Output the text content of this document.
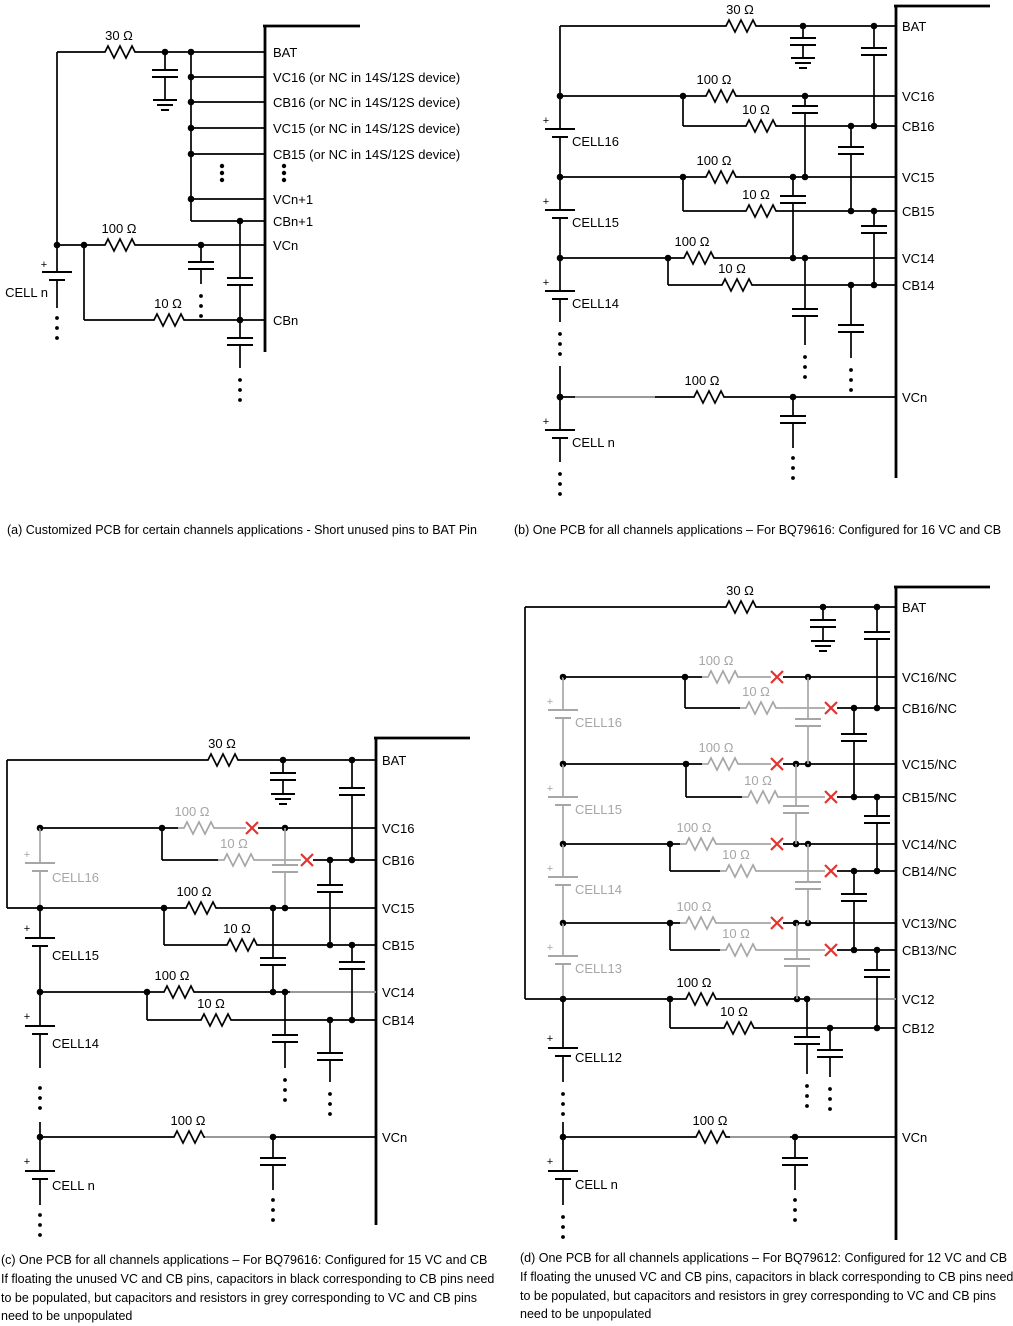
30 Ω
100 Ω
10 Ω
+
CELL n
BAT
VC16 (or NC in 14S/12S device)
CB16 (or NC in 14S/12S device)
VC15 (or NC in 14S/12S device)
CB15 (or NC in 14S/12S device)
VCn+1
CBn+1
VCn
CBn
30 Ω
+
+
+
+
CELL16
CELL15
CELL14
CELL n
100 Ω
10 Ω
100 Ω
10 Ω
100 Ω
10 Ω
100 Ω
BAT
VC16
CB16
VC15
CB15
VC14
CB14
VCn
30 Ω
+
CELL16
100 Ω
10 Ω
100 Ω
10 Ω
100 Ω
10 Ω
+
CELL15
+
CELL14
+
CELL n
100 Ω
BAT
VC16
CB16
VC15
CB15
VC14
CB14
VCn
30 Ω
+
+
+
+
CELL16
CELL15
CELL14
CELL13
100 Ω
10 Ω
100 Ω
10 Ω
100 Ω
10 Ω
100 Ω
10 Ω
100 Ω
10 Ω
+
CELL12
+
CELL n
100 Ω
BAT
VC16/NC
CB16/NC
VC15/NC
CB15/NC
VC14/NC
CB14/NC
VC13/NC
CB13/NC
VC12
CB12
VCn
(a) Customized PCB for certain channels applications - Short unused pins to BAT Pin	(b) One PCB for all channels applications – For BQ79616: Configured for 16 VC and CB
(c) One PCB for all channels applications – For BQ79616: Configured for 15 VC and CB
If floating the unused VC and CB pins, capacitors in black corresponding to CB pins need
to be populated, but capacitors and resistors in grey corresponding to VC and CB pins
need to be unpopulated
(d) One PCB for all channels applications – For BQ79612: Configured for 12 VC and CB
If floating the unused VC and CB pins, capacitors in black corresponding to CB pins need
to be populated, but capacitors and resistors in grey corresponding to VC and CB pins
need to be unpopulated
